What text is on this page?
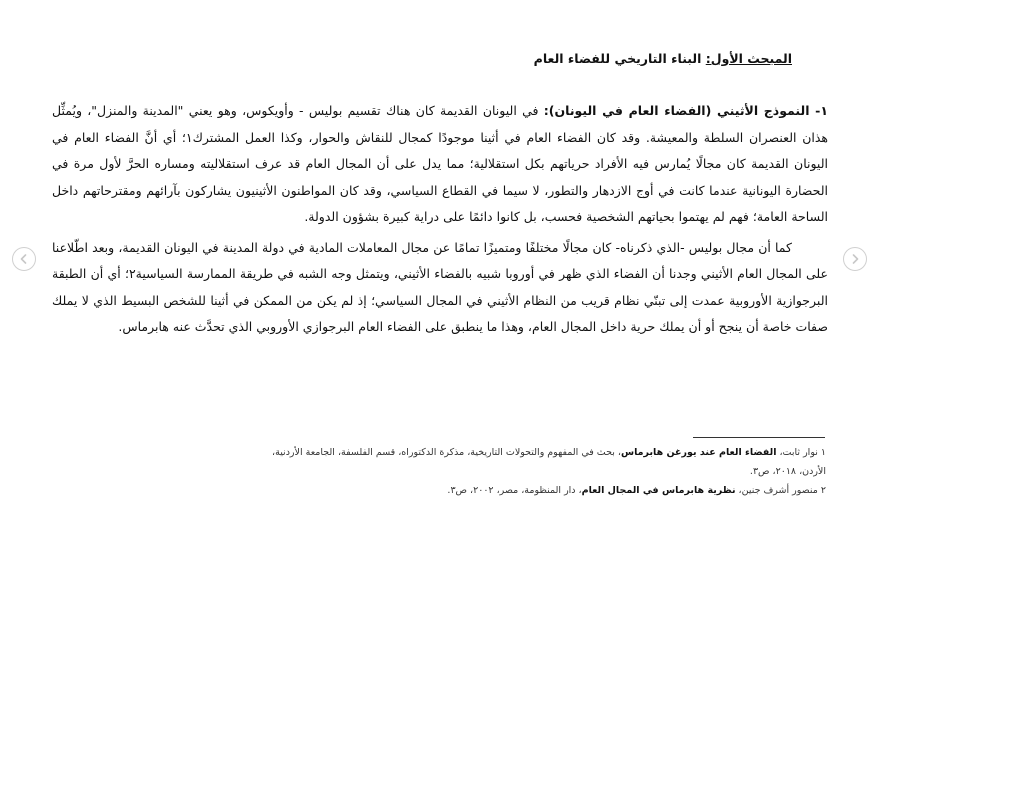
المبحث الأول: البناء التاريخي للفضاء العام

١- النموذج الأثيني (الفضاء العام في اليونان): في اليونان القديمة كان هناك تقسيم بوليس - وأويكوس، وهو يعني "المدينة والمنزل"، ويُمثِّل هذان العنصران السلطة والمعيشة. وقد كان الفضاء العام في أثينا موجودًا كمجال للنقاش والحوار، وكذا العمل المشترك١؛ أي أنَّ الفضاء العام في اليونان القديمة كان مجالًا يُمارس فيه الأفراد حرياتهم بكل استقلالية؛ مما يدل على أن المجال العام قد عرف استقلاليته ومساره الحرَّ لأول مرة في الحضارة اليونانية عندما كانت في أوج الازدهار والتطور، لا سيما في القطاع السياسي، وقد كان المواطنون الأثينيون يشاركون بآرائهم ومقترحاتهم داخل الساحة العامة؛ فهم لم يهتموا بحياتهم الشخصية فحسب، بل كانوا دائمًا على دراية كبيرة بشؤون الدولة.

كما أن مجال بوليس -الذي ذكرناه- كان مجالًا مختلفًا ومتميزًا تمامًا عن مجال المعاملات المادية في دولة المدينة في اليونان القديمة، وبعد اطّلاعنا على المجال العام الأثيني وجدنا أن الفضاء الذي ظهر في أوروبا شبيه بالفضاء الأثيني، ويتمثل وجه الشبه في طريقة الممارسة السياسية٢؛ أي أن الطبقة البرجوازية الأوروبية عمدت إلى تبنّي نظام قريب من النظام الأثيني في المجال السياسي؛ إذ لم يكن من الممكن في أثينا للشخص البسيط الذي لا يملك صفات خاصة أن ينجح أو أن يملك حرية داخل المجال العام، وهذا ما ينطبق على الفضاء العام البرجوازي الأوروبي الذي تحدَّث عنه هابرماس.

١ نوار ثابت، الفضاء العام عند يورغن هابرماس، بحث في المفهوم والتحولات التاريخية، مذكرة الدكتوراه، قسم الفلسفة، الجامعة الأردنية، الأردن، ٢٠١٨، ص٣.
٢ منصور أشرف جنين، نظرية هابرماس في المجال العام، دار المنظومة، مصر، ٢٠٠٢، ص٣.
